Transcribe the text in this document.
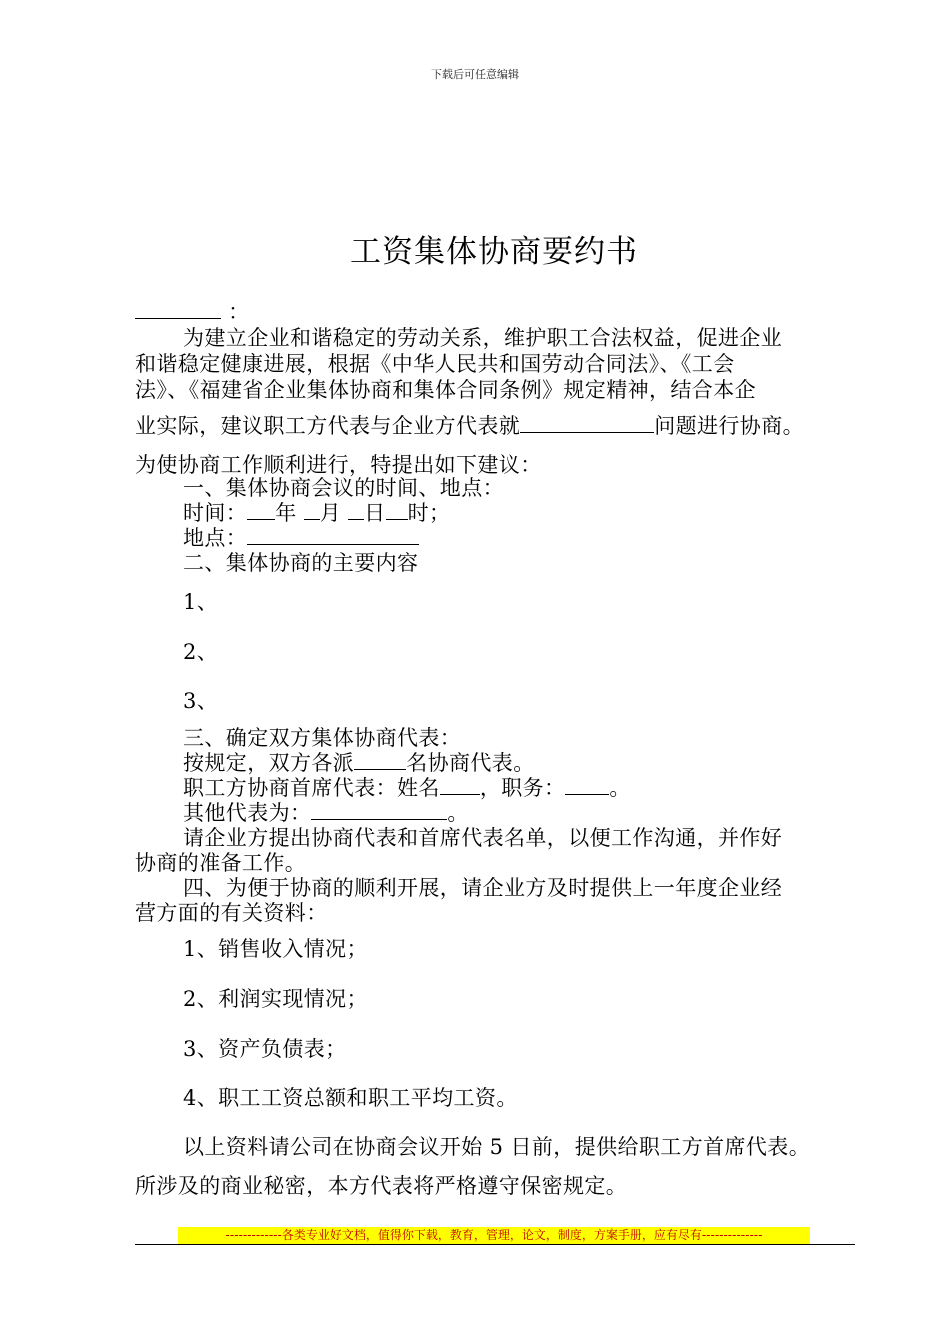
下载后可任意编辑
工资集体协商要约书
：
为建立企业和谐稳定的劳动关系，维护职工合法权益，促进企业
和谐稳定健康进展，根据《中华人民共和国劳动合同法》、《工会
法》、《福建省企业集体协商和集体合同条例》规定精神，结合本企
业实际，建议职工方代表与企业方代表就	问题进行协商。
为使协商工作顺利进行，特提出如下建议：
一、集体协商会议的时间、地点：
时间： 年 月 日 时；
地点：
二、集体协商的主要内容
1、
2、
3、
三、确定双方集体协商代表：
按规定，双方各派 名协商代表。
职工方协商首席代表：姓名 ，职务： 。
其他代表为：	。
请企业方提出协商代表和首席代表名单，以便工作沟通，并作好
协商的准备工作。
四、为便于协商的顺利开展，请企业方及时提供上一年度企业经
营方面的有关资料：
1、销售收入情况；
2、利润实现情况；
3、资产负债表；
4、职工工资总额和职工平均工资。
以上资料请公司在协商会议开始 5 日前，提供给职工方首席代表。
所涉及的商业秘密，本方代表将严格遵守保密规定。
-------------各类专业好文档，值得你下载，教育，管理，论文，制度，方案手册，应有尽有--------------
